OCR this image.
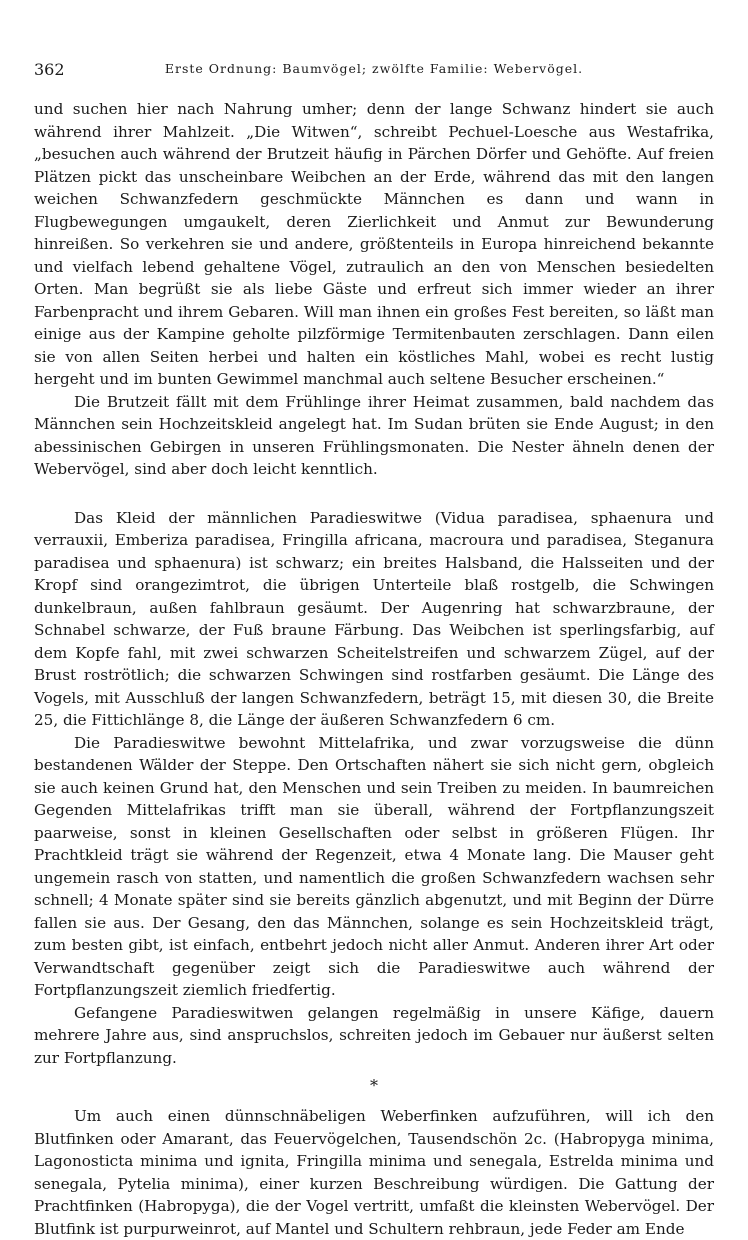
362	Erste Ordnung: Baumvögel; zwölfte Familie: Webervögel.

und suchen hier nach Nahrung umher; denn der lange Schwanz hindert sie auch während ihrer Mahlzeit. „Die Witwen“, schreibt Pechuel-Loesche aus Westafrika, „besuchen auch während der Brutzeit häufig in Pärchen Dörfer und Gehöfte. Auf freien Plätzen pickt das unscheinbare Weibchen an der Erde, während das mit den langen weichen Schwanzfedern geschmückte Männchen es dann und wann in Flugbewegungen umgaukelt, deren Zierlichkeit und Anmut zur Bewunderung hinreißen. So verkehren sie und andere, größtenteils in Europa hinreichend bekannte und vielfach lebend gehaltene Vögel, zutraulich an den von Menschen besiedelten Orten. Man begrüßt sie als liebe Gäste und erfreut sich immer wieder an ihrer Farbenpracht und ihrem Gebaren. Will man ihnen ein großes Fest bereiten, so läßt man einige aus der Kampine geholte pilzförmige Termitenbauten zerschlagen. Dann eilen sie von allen Seiten herbei und halten ein köstliches Mahl, wobei es recht lustig hergeht und im bunten Gewimmel manchmal auch seltene Besucher erscheinen.“

Die Brutzeit fällt mit dem Frühlinge ihrer Heimat zusammen, bald nachdem das Männchen sein Hochzeitskleid angelegt hat. Im Sudan brüten sie Ende August; in den abessinischen Gebirgen in unseren Frühlingsmonaten. Die Nester ähneln denen der Webervögel, sind aber doch leicht kenntlich.

Das Kleid der männlichen Paradieswitwe (Vidua paradisea, sphaenura und verrauxii, Emberiza paradisea, Fringilla africana, macroura und paradisea, Steganura paradisea und sphaenura) ist schwarz; ein breites Halsband, die Halsseiten und der Kropf sind orangezimtrot, die übrigen Unterteile blaß rostgelb, die Schwingen dunkelbraun, außen fahlbraun gesäumt. Der Augenring hat schwarzbraune, der Schnabel schwarze, der Fuß braune Färbung. Das Weibchen ist sperlingsfarbig, auf dem Kopfe fahl, mit zwei schwarzen Scheitelstreifen und schwarzem Zügel, auf der Brust roströtlich; die schwarzen Schwingen sind rostfarben gesäumt. Die Länge des Vogels, mit Ausschluß der langen Schwanzfedern, beträgt 15, mit diesen 30, die Breite 25, die Fittichlänge 8, die Länge der äußeren Schwanzfedern 6 cm.

Die Paradieswitwe bewohnt Mittelafrika, und zwar vorzugsweise die dünn bestandenen Wälder der Steppe. Den Ortschaften nähert sie sich nicht gern, obgleich sie auch keinen Grund hat, den Menschen und sein Treiben zu meiden. In baumreichen Gegenden Mittelafrikas trifft man sie überall, während der Fortpflanzungszeit paarweise, sonst in kleinen Gesellschaften oder selbst in größeren Flügen. Ihr Prachtkleid trägt sie während der Regenzeit, etwa 4 Monate lang. Die Mauser geht ungemein rasch von statten, und namentlich die großen Schwanzfedern wachsen sehr schnell; 4 Monate später sind sie bereits gänzlich abgenutzt, und mit Beginn der Dürre fallen sie aus. Der Gesang, den das Männchen, solange es sein Hochzeitskleid trägt, zum besten gibt, ist einfach, entbehrt jedoch nicht aller Anmut. Anderen ihrer Art oder Verwandtschaft gegenüber zeigt sich die Paradieswitwe auch während der Fortpflanzungszeit ziemlich friedfertig.

Gefangene Paradieswitwen gelangen regelmäßig in unsere Käfige, dauern mehrere Jahre aus, sind anspruchslos, schreiten jedoch im Gebauer nur äußerst selten zur Fortpflanzung.

*

Um auch einen dünnschnäbeligen Weberfinken aufzuführen, will ich den Blutfinken oder Amarant, das Feuervögelchen, Tausendschön 2c. (Habropyga minima, Lagonosticta minima und ignita, Fringilla minima und senegala, Estrelda minima und senegala, Pytelia minima), einer kurzen Beschreibung würdigen. Die Gattung der Prachtfinken (Habropyga), die der Vogel vertritt, umfaßt die kleinsten Webervögel. Der Blutfink ist purpurweinrot, auf Mantel und Schultern rehbraun, jede Feder am Ende
